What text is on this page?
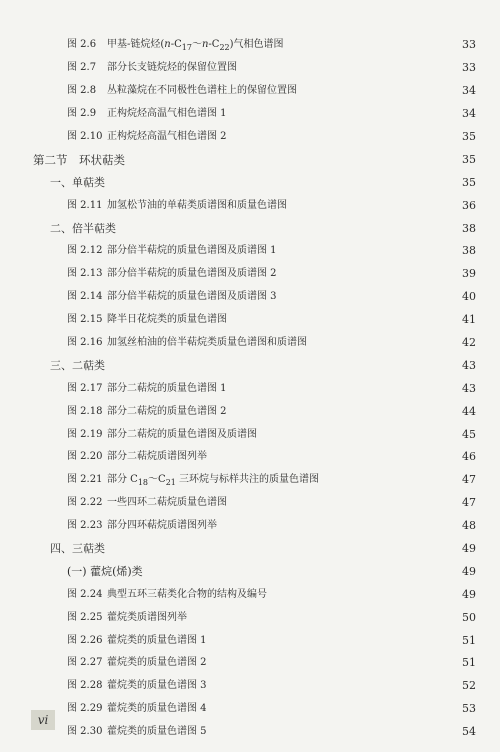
图 2.6	甲基-链烷烃$(n-C_{17}\sim n-C_{22})$气相色谱图	33
图 2.7	部分长支链烷烃的保留位置图	33
图 2.8	丛粒藻烷在不同极性色谱柱上的保留位置图	34
图 2.9	正构烷烃高温气相色谱图 1	34
图 2.10 正构烷烃高温气相色谱图 2	35
第二节　环状萜类	35
一、单萜类	35
图 2.11 加氢松节油的单萜类质谱图和质量色谱图	36
二、倍半萜类	38
图 2.12 部分倍半萜烷的质量色谱图及质谱图 1	38
图 2.13 部分倍半萜烷的质量色谱图及质谱图 2	39
图 2.14 部分倍半萜烷的质量色谱图及质谱图 3	40
图 2.15 降半日花烷类的质量色谱图	41
图 2.16 加氢丝柏油的倍半萜烷类质量色谱图和质谱图	42
三、二萜类	43
图 2.17 部分二萜烷的质量色谱图 1	43
图 2.18 部分二萜烷的质量色谱图 2	44
图 2.19 部分二萜烷的质量色谱图及质谱图	45
图 2.20 部分二萜烷质谱图列举	46
图 2.21 部分 $C_{18}\sim C_{21}$ 三环烷与标样共注的质量色谱图	47
图 2.22 一些四环二萜烷质量色谱图	47
图 2.23 部分四环萜烷质谱图列举	48
四、三萜类	49
(一) 藿烷(烯)类	49
图 2.24 典型五环三萜类化合物的结构及编号	49
图 2.25 藿烷类质谱图列举	50
图 2.26 藿烷类的质量色谱图 1	51
图 2.27 藿烷类的质量色谱图 2	51
图 2.28 藿烷类的质量色谱图 3	52
图 2.29 藿烷类的质量色谱图 4	53
图 2.30 藿烷类的质量色谱图 5	54
vi
